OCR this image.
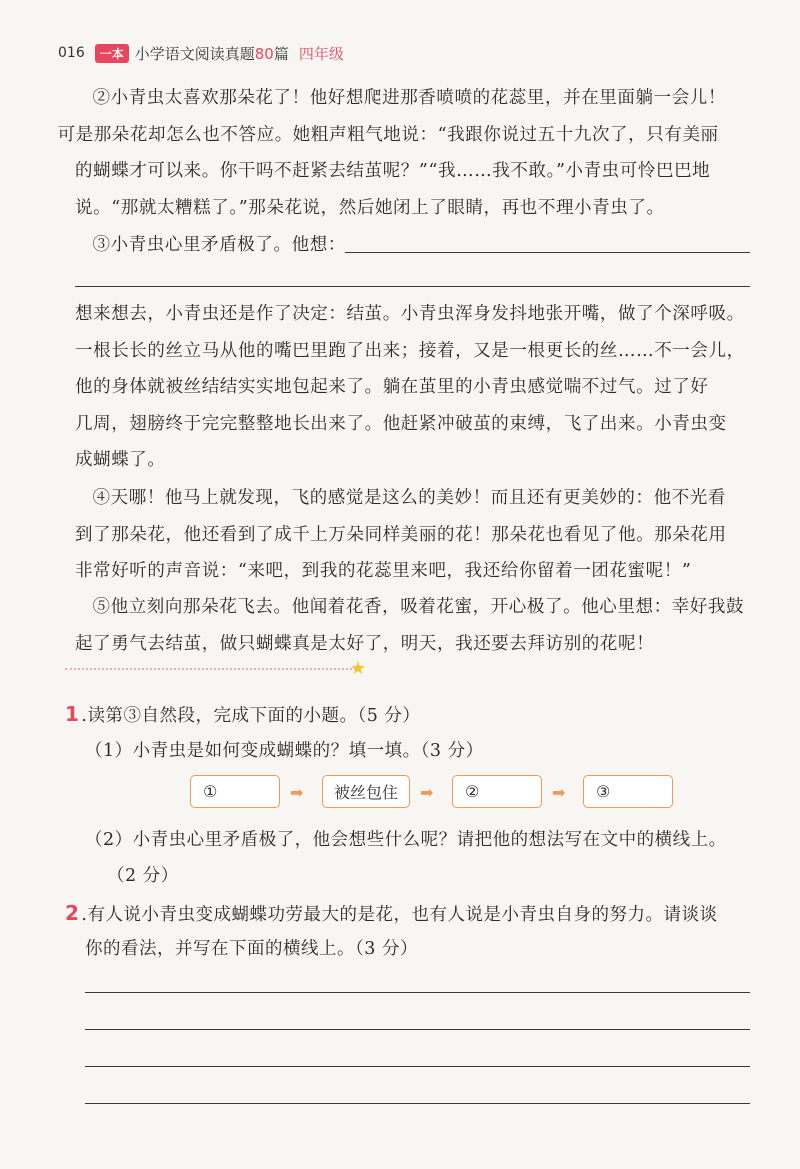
016	一本 小学语文阅读真题80篇 四年级
②小青虫太喜欢那朵花了！他好想爬进那香喷喷的花蕊里，并在里面躺一会儿！
可是那朵花却怎么也不答应。她粗声粗气地说：“我跟你说过五十九次了，只有美丽
的蝴蝶才可以来。你干吗不赶紧去结茧呢？”“我……我不敢。”小青虫可怜巴巴地
说。“那就太糟糕了。”那朵花说，然后她闭上了眼睛，再也不理小青虫了。
③小青虫心里矛盾极了。他想：
想来想去，小青虫还是作了决定：结茧。小青虫浑身发抖地张开嘴，做了个深呼吸。
一根长长的丝立马从他的嘴巴里跑了出来；接着，又是一根更长的丝……不一会儿，
他的身体就被丝结结实实地包起来了。躺在茧里的小青虫感觉喘不过气。过了好
几周，翅膀终于完完整整地长出来了。他赶紧冲破茧的束缚，飞了出来。小青虫变
成蝴蝶了。
④天哪！他马上就发现，飞的感觉是这么的美妙！而且还有更美妙的：他不光看
到了那朵花，他还看到了成千上万朵同样美丽的花！那朵花也看见了他。那朵花用
非常好听的声音说：“来吧，到我的花蕊里来吧，我还给你留着一团花蜜呢！”
⑤他立刻向那朵花飞去。他闻着花香，吸着花蜜，开心极了。他心里想：幸好我鼓
起了勇气去结茧，做只蝴蝶真是太好了，明天，我还要去拜访别的花呢！
★
1 .读第③自然段，完成下面的小题。（5 分）
（1）小青虫是如何变成蝴蝶的？填一填。（3 分）
①	➡ 被丝包住 ➡ ②	➡ ③
（2）小青虫心里矛盾极了，他会想些什么呢？请把他的想法写在文中的横线上。
（2 分）
2 .有人说小青虫变成蝴蝶功劳最大的是花，也有人说是小青虫自身的努力。请谈谈
你的看法，并写在下面的横线上。（3 分）
